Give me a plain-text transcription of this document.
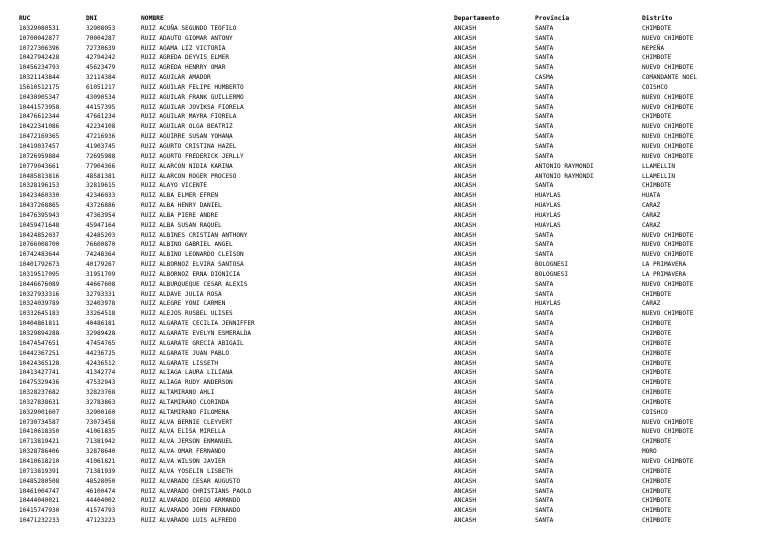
RUC	DNI	NOMBRE	Departamento	Provincia	Distrito
10329080531	32908053	RUIZ ACUÑA SEGUNDO TEOFILO	ANCASH	SANTA	CHIMBOTE
10700042877	70004287	RUIZ ADAUTO GIOMAR ANTONY	ANCASH	SANTA	NUEVO CHIMBOTE
10727306396	72730639	RUIZ AGAMA LIZ VICTORIA	ANCASH	SANTA	NEPEÑA
10427942428	42794242	RUIZ AGREDA DEYVIS ELMER	ANCASH	SANTA	CHIMBOTE
10456234793	45623479	RUIZ AGREDA HENRRY OMAR	ANCASH	SANTA	NUEVO CHIMBOTE
10321143844	32114384	RUIZ AGUILAR AMADOR	ANCASH	CASMA	COMANDANTE NOEL
15610512175	61051217	RUIZ AGUILAR FELIPE HUMBERTO	ANCASH	SANTA	COISHCO
10430905347	43090534	RUIZ AGUILAR FRANK GUILLERMO	ANCASH	SANTA	NUEVO CHIMBOTE
10441573958	44157395	RUIZ AGUILAR JOVIKSA FIORELA	ANCASH	SANTA	NUEVO CHIMBOTE
10476612344	47661234	RUIZ AGUILAR MAYRA FIORELA	ANCASH	SANTA	CHIMBOTE
10422341086	42234108	RUIZ AGUILAR OLGA BEATRIZ	ANCASH	SANTA	NUEVO CHIMBOTE
10472169365	47216936	RUIZ AGUIRRE SUSAN YOHANA	ANCASH	SANTA	NUEVO CHIMBOTE
10419037457	41903745	RUIZ AGURTO CRISTINA HAZEL	ANCASH	SANTA	NUEVO CHIMBOTE
10726959884	72695988	RUIZ AGURTO FREDERICK JERLLY	ANCASH	SANTA	NUEVO CHIMBOTE
10779043661	77904366	RUIZ ALARCON NIDIA KARINA	ANCASH	ANTONIO RAYMONDI	LLAMELLIN
10485813816	48581381	RUIZ ALARCON ROGER PROCESO	ANCASH	ANTONIO RAYMONDI	LLAMELLIN
10328196153	32819615	RUIZ ALAYO VICENTE	ANCASH	SANTA	CHIMBOTE
10423460330	42346033	RUIZ ALBA ELMER EFREN	ANCASH	HUAYLAS	HUATA
10437268865	43726886	RUIZ ALBA HENRY DANIEL	ANCASH	HUAYLAS	CARAZ
10476395943	47363954	RUIZ ALBA PIERE ANDRE	ANCASH	HUAYLAS	CARAZ
10459471648	45947164	RUIZ ALBA SUSAN RAQUEL	ANCASH	HUAYLAS	CARAZ
10424852037	42485203	RUIZ ALBINES CRISTIAN ANTHONY	ANCASH	SANTA	NUEVO CHIMBOTE
10766008700	76600870	RUIZ ALBINO GABRIEL ANGEL	ANCASH	SANTA	NUEVO CHIMBOTE
10742483644	74248364	RUIZ ALBINO LEONARDO CLEISON	ANCASH	SANTA	NUEVO CHIMBOTE
10401792673	40179267	RUIZ ALBORNOZ ELVIRA SANTOSA	ANCASH	BOLOGNESI	LA PRIMAVERA
10319517095	31951709	RUIZ ALBORNOZ ERNA DIONICIA	ANCASH	BOLOGNESI	LA PRIMAVERA
10446676089	44667608	RUIZ ALBURQUEQUE CESAR ALEXIS	ANCASH	SANTA	NUEVO CHIMBOTE
10327933316	32793331	RUIZ ALDAVE JULIA ROSA	ANCASH	SANTA	CHIMBOTE
10324039789	32403978	RUIZ ALEGRE YONI CARMEN	ANCASH	HUAYLAS	CARAZ
10332645183	33264518	RUIZ ALEJOS RUSBEL ULISES	ANCASH	SANTA	NUEVO CHIMBOTE
10404861811	40486181	RUIZ ALGARATE CECILIA JENNIFFER	ANCASH	SANTA	CHIMBOTE
10329894288	32989428	RUIZ ALGARATE EVELYN ESMERALDA	ANCASH	SANTA	CHIMBOTE
10474547651	47454765	RUIZ ALGARATE GRECIA ABIGAIL	ANCASH	SANTA	CHIMBOTE
10442367251	44236725	RUIZ ALGARATE JUAN PABLO	ANCASH	SANTA	CHIMBOTE
10424365128	42436512	RUIZ ALGARATE LISSETH	ANCASH	SANTA	CHIMBOTE
10413427741	41342774	RUIZ ALIAGA LAURA LILIANA	ANCASH	SANTA	CHIMBOTE
10475329436	47532943	RUIZ ALIAGA RUDY ANDERSON	ANCASH	SANTA	CHIMBOTE
10328237682	32823768	RUIZ ALTAMIRANO AHLI	ANCASH	SANTA	CHIMBOTE
10327838631	32783863	RUIZ ALTAMIRANO CLORINDA	ANCASH	SANTA	CHIMBOTE
10329001607	32900160	RUIZ ALTAMIRANO FILOMENA	ANCASH	SANTA	COISHCO
10730734587	73073458	RUIZ ALVA BERNIE CLEYVERT	ANCASH	SANTA	NUEVO CHIMBOTE
10410618350	41061835	RUIZ ALVA ELISA MIRELLA	ANCASH	SANTA	NUEVO CHIMBOTE
10713819421	71381942	RUIZ ALVA JERSON ENMANUEL	ANCASH	SANTA	CHIMBOTE
10328786406	32878640	RUIZ ALVA OMAR FERNANDO	ANCASH	SANTA	MORO
10410618210	41061821	RUIZ ALVA WILSON JAVIER	ANCASH	SANTA	NUEVO CHIMBOTE
10713819391	71381939	RUIZ ALVA YOSELIN LISBETH	ANCASH	SANTA	CHIMBOTE
10485280508	48528050	RUIZ ALVARADO CESAR AUGUSTO	ANCASH	SANTA	CHIMBOTE
10461004747	46100474	RUIZ ALVARADO CHRISTIANS PAOLO	ANCASH	SANTA	CHIMBOTE
10444040021	44404002	RUIZ ALVARADO DIEGO ARMANDO	ANCASH	SANTA	CHIMBOTE
10415747930	41574793	RUIZ ALVARADO JOHN FERNANDO	ANCASH	SANTA	CHIMBOTE
10471232233	47123223	RUIZ ALVARADO LUIS ALFREDO	ANCASH	SANTA	CHIMBOTE
